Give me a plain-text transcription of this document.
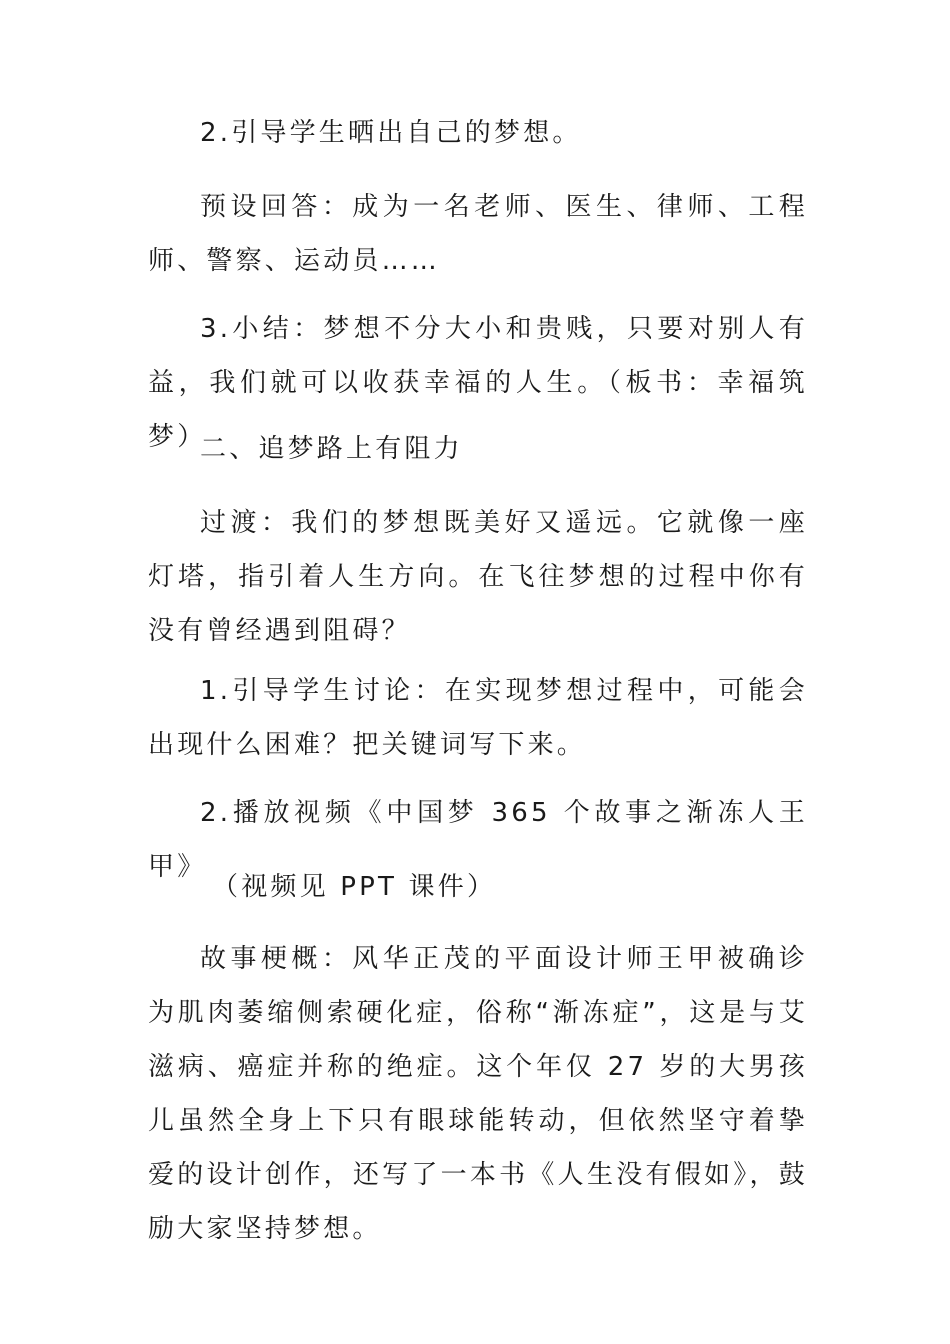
2.引导学生晒出自己的梦想。

预设回答：成为一名老师、医生、律师、工程师、警察、运动员……

3.小结：梦想不分大小和贵贱，只要对别人有益，我们就可以收获幸福的人生。（板书：幸福筑梦）

二、追梦路上有阻力

过渡：我们的梦想既美好又遥远。它就像一座灯塔，指引着人生方向。在飞往梦想的过程中你有没有曾经遇到阻碍？

1.引导学生讨论：在实现梦想过程中，可能会出现什么困难？把关键词写下来。

2.播放视频《中国梦 365 个故事之渐冻人王甲》

（视频见 PPT 课件）

故事梗概：风华正茂的平面设计师王甲被确诊为肌肉萎缩侧索硬化症，俗称“渐冻症”，这是与艾滋病、癌症并称的绝症。这个年仅 27 岁的大男孩儿虽然全身上下只有眼球能转动，但依然坚守着挚爱的设计创作，还写了一本书《人生没有假如》，鼓励大家坚持梦想。
